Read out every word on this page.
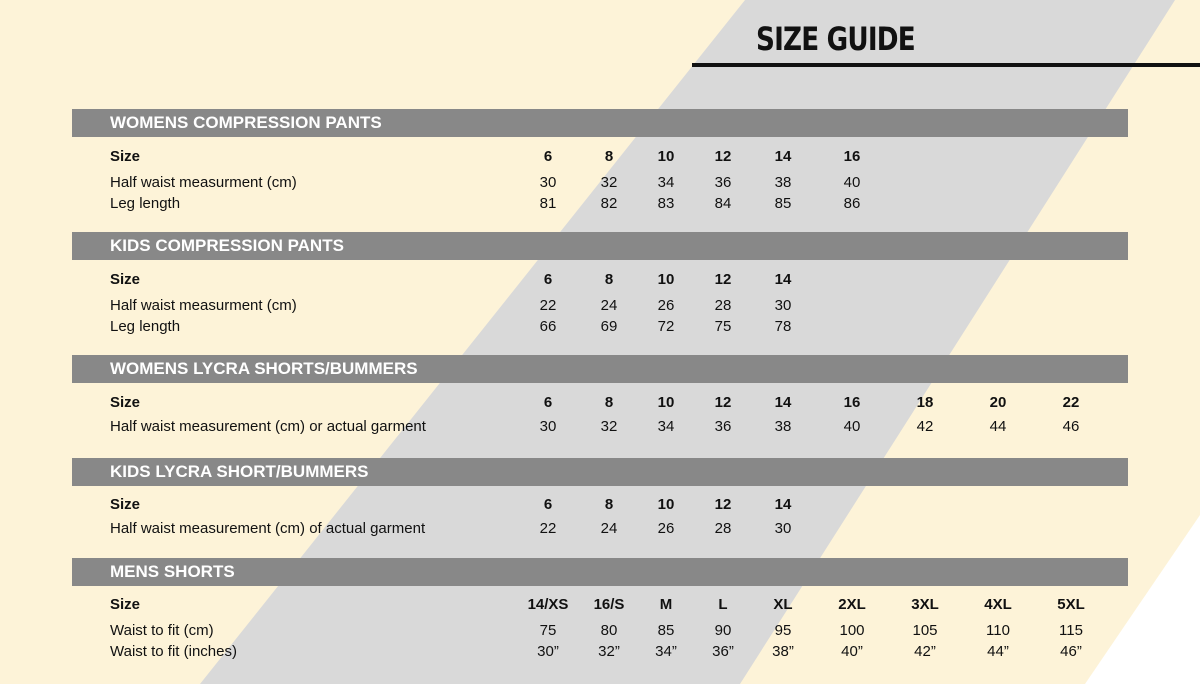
SIZE GUIDE
WOMENS COMPRESSION PANTS
Size	6	8	10	12	14	16
Half waist measurment (cm)	30	32	34	36	38	40
Leg length	81	82	83	84	85	86
KIDS COMPRESSION PANTS
Size	6	8	10	12	14
Half waist measurment (cm)	22	24	26	28	30
Leg length	66	69	72	75	78
WOMENS LYCRA SHORTS/BUMMERS
Size	6	8	10	12	14	16	18	20	22
Half waist measurement (cm) or actual garment	30	32	34	36	38	40	42	44	46
KIDS LYCRA SHORT/BUMMERS
Size	6	8	10	12	14
Half waist measurement (cm) of actual garment	22	24	26	28	30
MENS SHORTS
Size	14/XS	16/S	M	L	XL	2XL	3XL	4XL	5XL
Waist to fit (cm)	75	80	85	90	95	100	105	110	115
Waist to fit (inches)	30”	32”	34”	36”	38”	40”	42”	44”	46”
